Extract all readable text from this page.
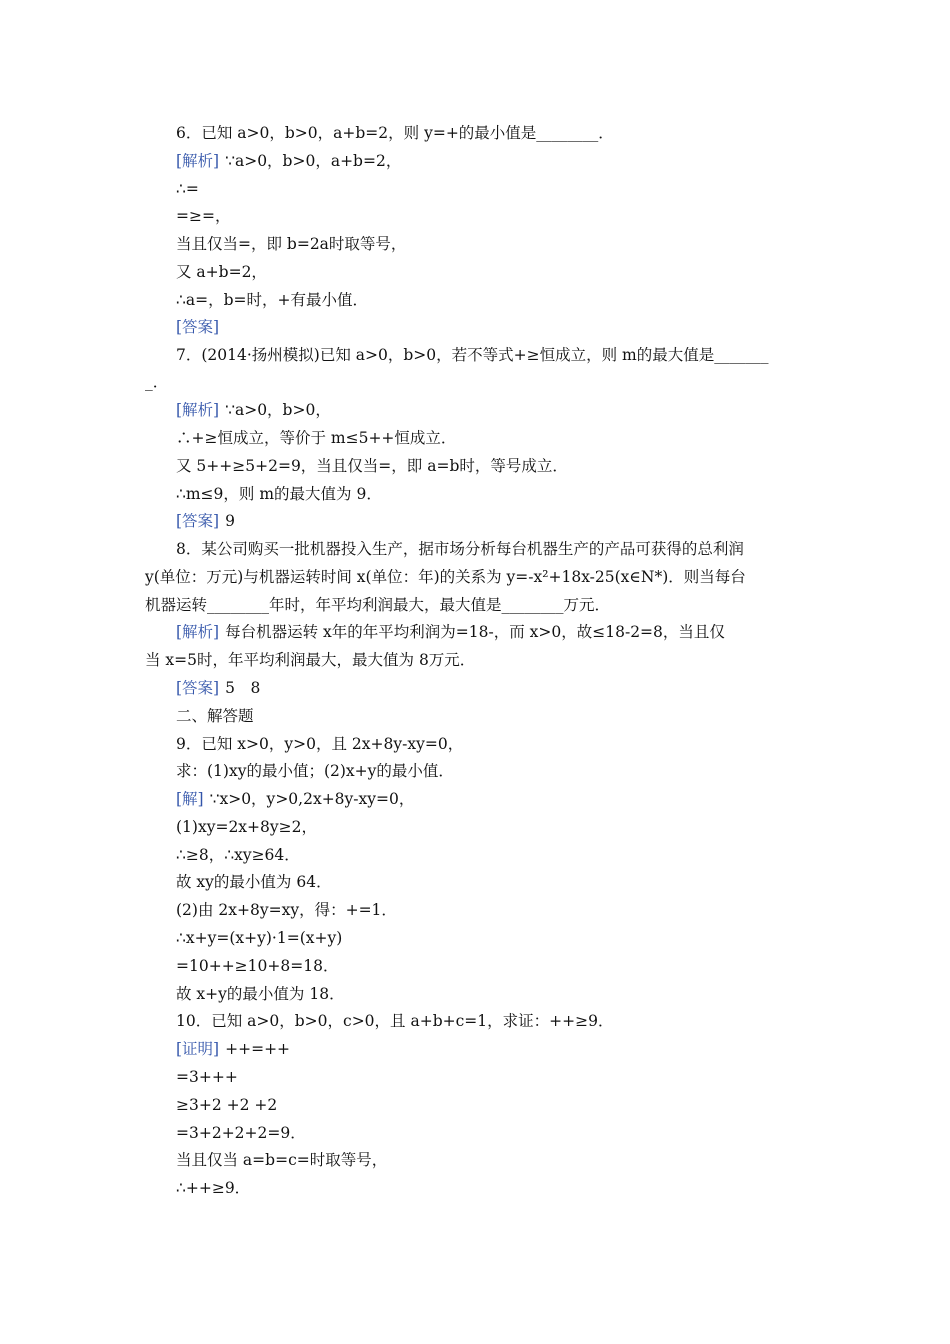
6．已知 a>0，b>0，a+b=2，则 y=+的最小值是________．
[解析] ∵a>0，b>0，a+b=2，
∴=
=≥=，
当且仅当=，即 b=2a时取等号，
又 a+b=2，
∴a=，b=时，+有最小值．
[答案]
7．(2014·扬州模拟)已知 a>0，b>0，若不等式+≥恒成立，则 m的最大值是_______
_．
[解析] ∵a>0，b>0，
∴+≥恒成立，等价于 m≤5++恒成立．
又 5++≥5+2=9，当且仅当=，即 a=b时，等号成立．
∴m≤9，则 m的最大值为 9．
[答案] 9
8．某公司购买一批机器投入生产，据市场分析每台机器生产的产品可获得的总利润
y(单位：万元)与机器运转时间 x(单位：年)的关系为 y=-x²+18x-25(x∈N*)．则当每台
机器运转________年时，年平均利润最大，最大值是________万元．
[解析] 每台机器运转 x年的年平均利润为=18-，而 x>0，故≤18-2=8，当且仅
当 x=5时，年平均利润最大，最大值为 8万元．
[答案] 5　8
二、解答题
9．已知 x>0，y>0，且 2x+8y-xy=0，
求：(1)xy的最小值；(2)x+y的最小值．
[解] ∵x>0，y>0,2x+8y-xy=0，
(1)xy=2x+8y≥2，
∴≥8，∴xy≥64．
故 xy的最小值为 64．
(2)由 2x+8y=xy，得：+=1．
∴x+y=(x+y)·1=(x+y)
=10++≥10+8=18．
故 x+y的最小值为 18．
10．已知 a>0，b>0，c>0，且 a+b+c=1，求证：++≥9．
[证明] ++=++
=3+++
≥3+2 +2 +2
=3+2+2+2=9．
当且仅当 a=b=c=时取等号，
∴++≥9．
